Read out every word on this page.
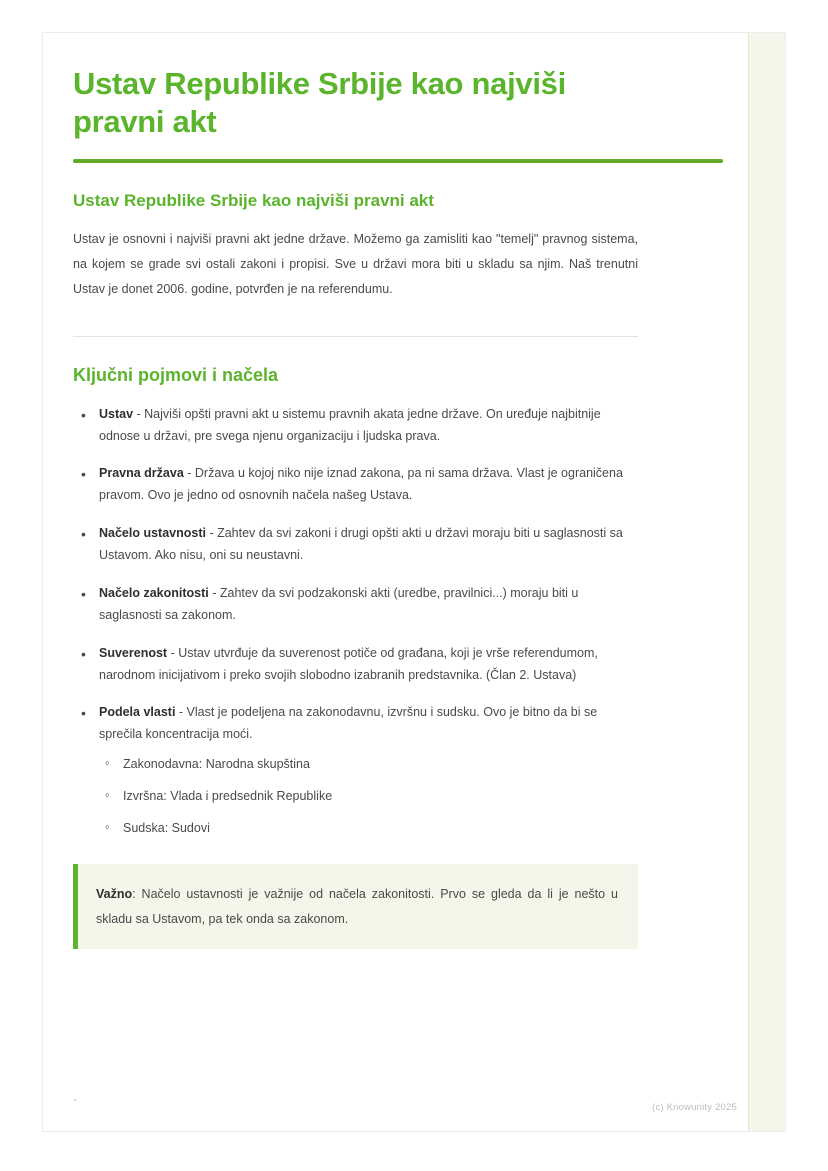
Ustav Republike Srbije kao najviši pravni akt
Ustav Republike Srbije kao najviši pravni akt

Ustav je osnovni i najviši pravni akt jedne države. Možemo ga zamisliti kao "temelj" pravnog sistema, na kojem se grade svi ostali zakoni i propisi. Sve u državi mora biti u skladu sa njim. Naš trenutni Ustav je donet 2006. godine, potvrđen je na referendumu.

Ključni pojmovi i načela
• Ustav - Najviši opšti pravni akt u sistemu pravnih akata jedne države. On uređuje najbitnije odnose u državi, pre svega njenu organizaciju i ljudska prava.
• Pravna država - Država u kojoj niko nije iznad zakona, pa ni sama država. Vlast je ograničena pravom. Ovo je jedno od osnovnih načela našeg Ustava.
• Načelo ustavnosti - Zahtev da svi zakoni i drugi opšti akti u državi moraju biti u saglasnosti sa Ustavom. Ako nisu, oni su neustavni.
• Načelo zakonitosti - Zahtev da svi podzakonski akti (uredbe, pravilnici...) moraju biti u saglasnosti sa zakonom.
• Suverenost - Ustav utvrđuje da suverenost potiče od građana, koji je vrše referendumom, narodnom inicijativom i preko svojih slobodno izabranih predstavnika. (Član 2. Ustava)
• Podela vlasti - Vlast je podeljena na zakonodavnu, izvršnu i sudsku. Ovo je bitno da bi se sprečila koncentracija moći.
◦ Zakonodavna: Narodna skupština
◦ Izvršna: Vlada i predsednik Republike
◦ Sudska: Sudovi
Važno: Načelo ustavnosti je važnije od načela zakonitosti. Prvo se gleda da li je nešto u skladu sa Ustavom, pa tek onda sa zakonom.
`	(c) Knowunity 2025
